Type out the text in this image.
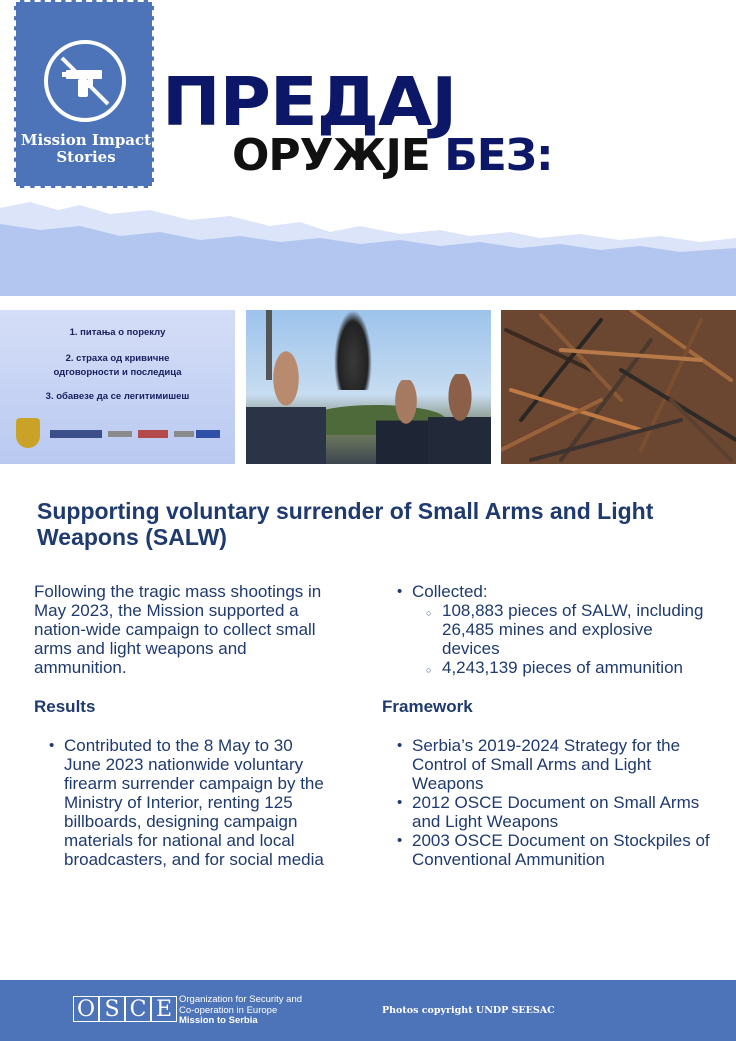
Mission Impact
Stories
ПРЕДАЈ
ОРУЖЈЕ БЕЗ:
1. питања о пореклу
2. страха од кривичне
одговорности и последица
3. обавезе да се легитимишеш
Supporting voluntary surrender of Small Arms and Light Weapons (SALW)

Following the tragic mass shootings in May 2023, the Mission supported a nation-wide campaign to collect small arms and light weapons and ammunition.

Results
• Contributed to the 8 May to 30 June 2023 nationwide voluntary firearm surrender campaign by the Ministry of Interior, renting 125 billboards, designing campaign materials for national and local broadcasters, and for social media
• Collected:
○ 108,883 pieces of SALW, including 26,485 mines and explosive devices
○ 4,243,139 pieces of ammunition
Framework
• Serbia’s 2019-2024 Strategy for the Control of Small Arms and Light Weapons
• 2012 OSCE Document on Small Arms and Light Weapons
• 2003 OSCE Document on Stockpiles of Conventional Ammunition
O S C E Organization for Security and
Co-operation in Europe
Mission to Serbia
Photos copyright UNDP SEESAC
